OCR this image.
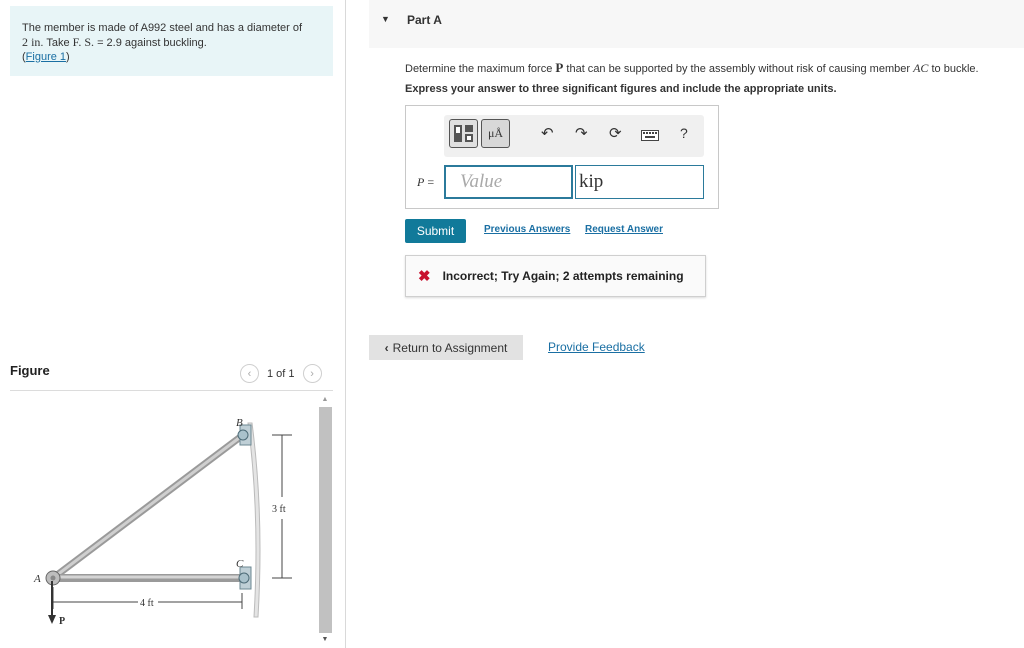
The member is made of A992 steel and has a diameter of
2 in. Take F. S. = 2.9 against buckling.
(Figure 1)
Figure	‹	1 of 1	›
3 ft
4 ft
A
B
C
P
▲
▼
▼ Part A
Determine the maximum force P that can be supported by the assembly without risk of causing member AC to buckle.
Express your answer to three significant figures and include the appropriate units.
μÅ	↶ ↷ ⟳	?
P =
Value
kip
Submit	Previous Answers Request Answer
✖ Incorrect; Try Again; 2 attempts remaining
‹ Return to Assignment	Provide Feedback
